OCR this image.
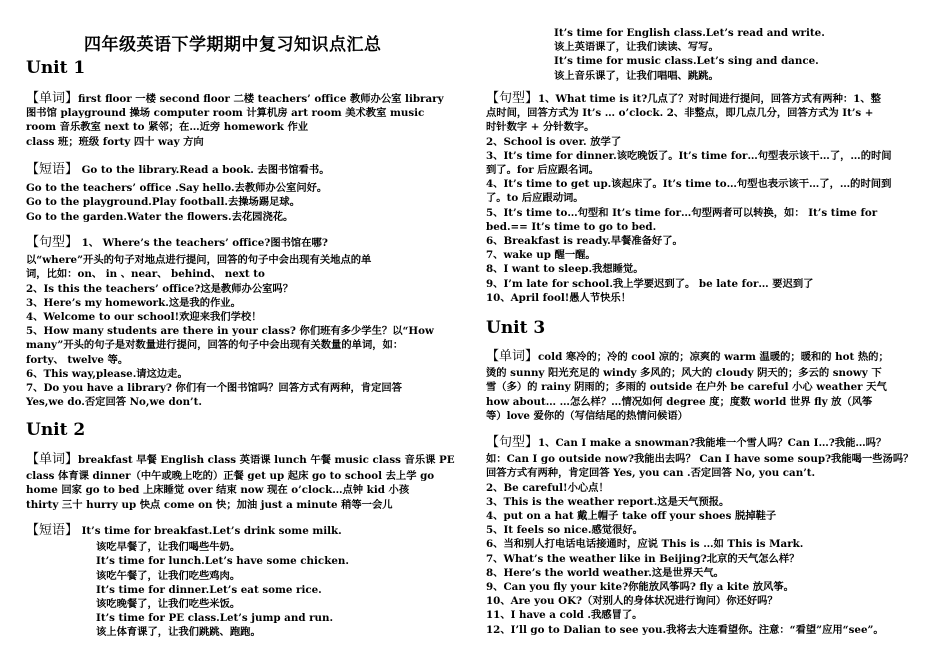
四年级英语下学期期中复习知识点汇总

Unit 1

【单词】first floor 一楼 second floor 二楼 teachers’ office 教师办公室 library

图书馆 playground 操场 computer room 计算机房 art room 美术教室 music

room 音乐教室 next to 紧邻；在…近旁 homework 作业

class 班；班级 forty 四十 way 方向

【短语】 Go to the library.Read a book. 去图书馆看书。

Go to the teachers’ office .Say hello.去教师办公室问好。

Go to the playground.Play football.去操场踢足球。

Go to the garden.Water the flowers.去花园浇花。

【句型】 1、 Where’s the teachers’ office?图书馆在哪?

以“where”开头的句子对地点进行提问，回答的句子中会出现有关地点的单

词，比如：on、 in 、near、 behind、 next to

2、Is this the teachers’ office?这是教师办公室吗？

3、Here’s my homework.这是我的作业。

4、Welcome to our school!欢迎来我们学校！

5、How many students are there in your class? 你们班有多少学生？以“How

many”开头的句子是对数量进行提问，回答的句子中会出现有关数量的单词，如：

forty、 twelve 等。

6、This way,please.请这边走。

7、Do you have a library? 你们有一个图书馆吗？回答方式有两种，肯定回答

Yes,we do.否定回答 No,we don’t.

Unit 2

【单词】breakfast 早餐 English class 英语课 lunch 午餐 music class 音乐课 PE

class 体育课 dinner（中午或晚上吃的）正餐 get up 起床 go to school 去上学 go

home 回家 go to bed 上床睡觉 over 结束 now 现在 o’clock…点钟 kid 小孩

thirty 三十 hurry up 快点 come on 快；加油 just a minute 稍等一会儿

【短语】 It’s time for breakfast.Let’s drink some milk.

该吃早餐了，让我们喝些牛奶。

It’s time for lunch.Let’s have some chicken.

该吃午餐了，让我们吃些鸡肉。

It’s time for dinner.Let’s eat some rice.

该吃晚餐了，让我们吃些米饭。

It’s time for PE class.Let’s jump and run.

该上体育课了，让我们跳跳、跑跑。

It’s time for English class.Let’s read and write.

该上英语课了，让我们读读、写写。

It’s time for music class.Let’s sing and dance.

该上音乐课了，让我们唱唱、跳跳。

【句型】1、What time is it?几点了？对时间进行提问，回答方式有两种：1、整

点时间，回答方式为 It’s … o’clock. 2、非整点，即几点几分，回答方式为 It’s +

时针数字 + 分针数字。

2、School is over. 放学了

3、It’s time for dinner.该吃晚饭了。It’s time for…句型表示该干…了，…的时间

到了。for 后应跟名词。

4、It’s time to get up.该起床了。It’s time to…句型也表示该干…了，…的时间到

了。to 后应跟动词。

5、It’s time to…句型和 It’s time for…句型两者可以转换，如： It’s time for

bed.== It’s time to go to bed.

6、Breakfast is ready.早餐准备好了。

7、wake up 醒一醒。

8、I want to sleep.我想睡觉。

9、I’m late for school.我上学要迟到了。 be late for… 要迟到了

10、April fool!愚人节快乐！

Unit 3

【单词】cold 寒冷的；冷的 cool 凉的；凉爽的 warm 温暖的；暖和的 hot 热的；

烫的 sunny 阳光充足的 windy 多风的；风大的 cloudy 阴天的；多云的 snowy 下

雪（多）的 rainy 阴雨的；多雨的 outside 在户外 be careful 小心 weather 天气

how about… …怎么样？…情况如何 degree 度；度数 world 世界 fly 放（风筝

等）love 爱你的（写信结尾的热情问候语）

【句型】1、Can I make a snowman?我能堆一个雪人吗？Can I…?我能…吗？

如：Can I go outside now?我能出去吗？ Can I have some soup?我能喝一些汤吗？

回答方式有两种，肯定回答 Yes, you can .否定回答 No, you can’t.

2、Be careful!小心点！

3、This is the weather report.这是天气预报。

4、put on a hat 戴上帽子 take off your shoes 脱掉鞋子

5、It feels so nice.感觉很好。

6、当和别人打电话电话接通时，应说 This is …如 This is Mark.

7、What’s the weather like in Beijing?北京的天气怎么样？

8、Here’s the world weather.这是世界天气。

9、Can you fly your kite?你能放风筝吗? fly a kite 放风筝。

10、Are you OK?（对别人的身体状况进行询问）你还好吗？

11、I have a cold .我感冒了。

12、I’ll go to Dalian to see you.我将去大连看望你。注意：“看望”应用“see”。
